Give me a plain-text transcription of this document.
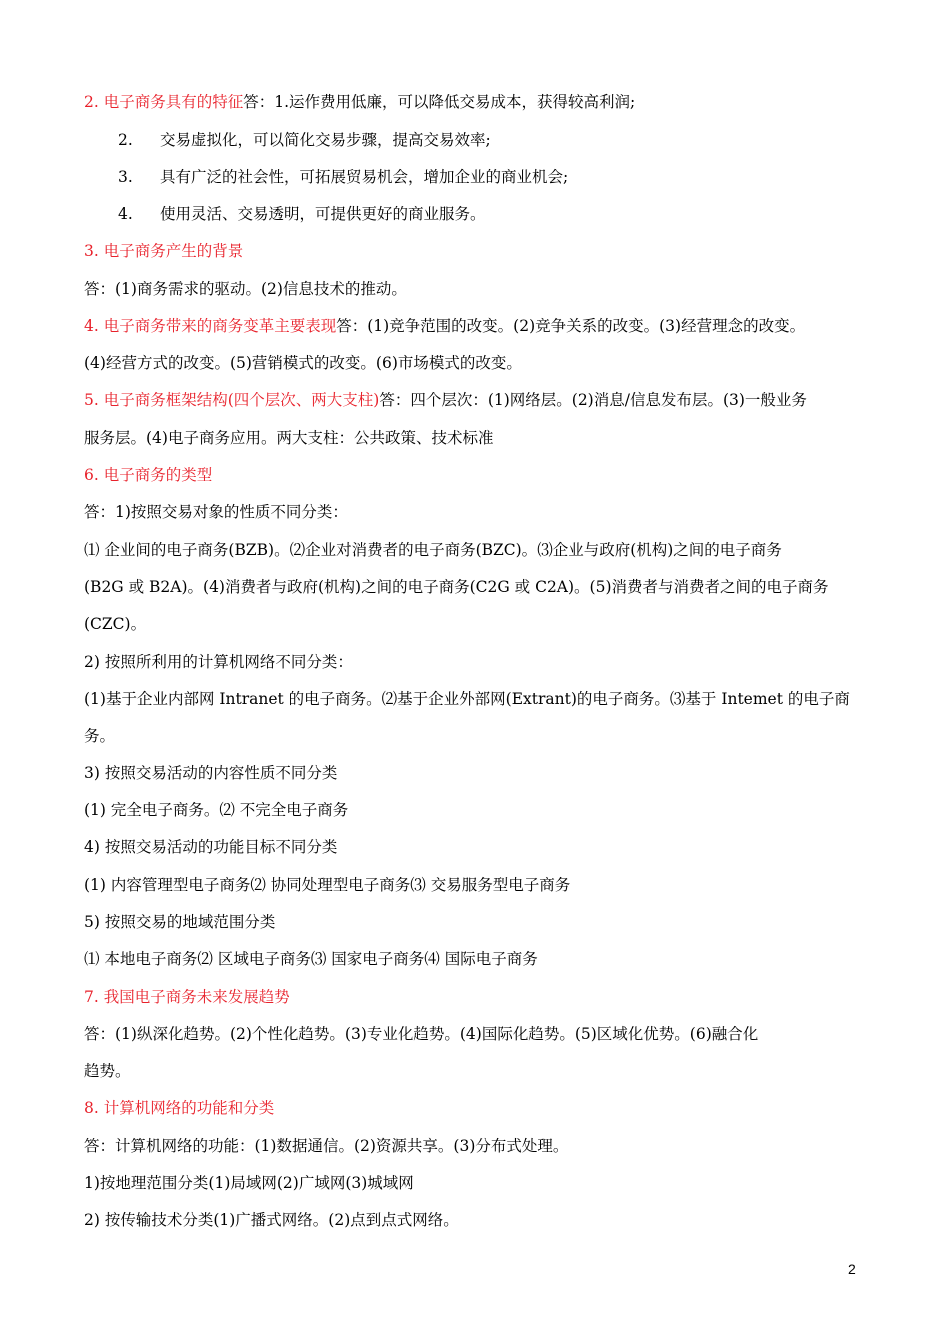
2. 电子商务具有的特征答：1.运作费用低廉，可以降低交易成本，获得较高利润;
2. 交易虚拟化，可以简化交易步骤，提高交易效率;
3. 具有广泛的社会性，可拓展贸易机会，增加企业的商业机会;
4. 使用灵活、交易透明，可提供更好的商业服务。
3. 电子商务产生的背景
答：(1)商务需求的驱动。(2)信息技术的推动。
4. 电子商务带来的商务变革主要表现答：(1)竞争范围的改变。(2)竞争关系的改变。(3)经营理念的改变。
(4)经营方式的改变。(5)营销模式的改变。(6)市场模式的改变。
5. 电子商务框架结构(四个层次、两大支柱)答：四个层次：(1)网络层。(2)消息/信息发布层。(3)一般业务
服务层。(4)电子商务应用。两大支柱：公共政策、技术标准
6. 电子商务的类型
答：1)按照交易对象的性质不同分类：
⑴ 企业间的电子商务(BZB)。⑵企业对消费者的电子商务(BZC)。⑶企业与政府(机构)之间的电子商务
(B2G 或 B2A)。(4)消费者与政府(机构)之间的电子商务(C2G 或 C2A)。(5)消费者与消费者之间的电子商务
(CZC)。
2) 按照所利用的计算机网络不同分类：
(1)基于企业内部网 Intranet 的电子商务。⑵基于企业外部网(Extrant)的电子商务。⑶基于 Intemet 的电子商
务。
3) 按照交易活动的内容性质不同分类
(1) 完全电子商务。⑵ 不完全电子商务
4) 按照交易活动的功能目标不同分类
(1) 内容管理型电子商务⑵ 协同处理型电子商务⑶ 交易服务型电子商务
5) 按照交易的地域范围分类
⑴ 本地电子商务⑵ 区域电子商务⑶ 国家电子商务⑷ 国际电子商务
7. 我国电子商务未来发展趋势
答：(1)纵深化趋势。(2)个性化趋势。(3)专业化趋势。(4)国际化趋势。(5)区域化优势。(6)融合化
趋势。
8. 计算机网络的功能和分类
答：计算机网络的功能：(1)数据通信。(2)资源共享。(3)分布式处理。
1)按地理范围分类(1)局域网(2)广域网(3)城域网
2) 按传输技术分类(1)广播式网络。(2)点到点式网络。
2
